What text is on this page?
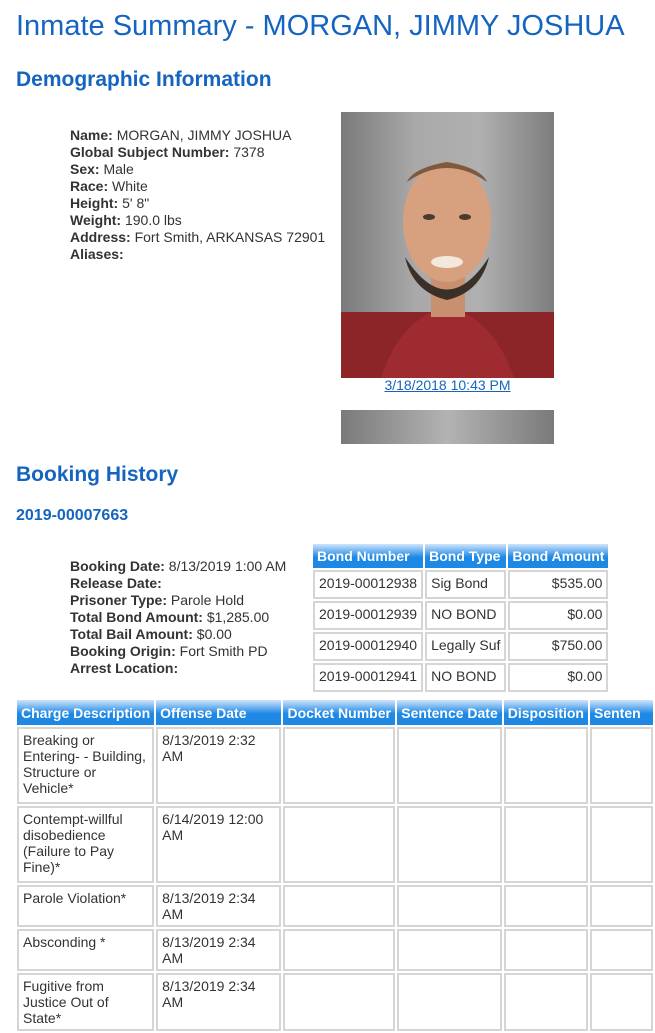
Inmate Summary - MORGAN, JIMMY JOSHUA
Demographic Information
Name: MORGAN, JIMMY JOSHUA
Global Subject Number: 7378
Sex: Male
Race: White
Height: 5' 8"
Weight: 190.0 lbs
Address: Fort Smith, ARKANSAS 72901
Aliases:
3/18/2018 10:43 PM
Booking History
2019-00007663
Booking Date: 8/13/2019 1:00 AM
Release Date:
Prisoner Type: Parole Hold
Total Bond Amount: $1,285.00
Total Bail Amount: $0.00
Booking Origin: Fort Smith PD
Arrest Location:
Bond Number	Bond Type	Bond Amount
2019-00012938	Sig Bond	$535.00
2019-00012939	NO BOND	$0.00
2019-00012940	Legally Suf	$750.00
2019-00012941	NO BOND	$0.00
Charge Description	Offense Date	Docket Number	Sentence Date	Disposition	Senten
Breaking or Entering- - Building, Structure or Vehicle*	8/13/2019 2:32 AM				
Contempt-willful disobedience (Failure to Pay Fine)*	6/14/2019 12:00 AM				
Parole Violation*	8/13/2019 2:34 AM				
Absconding *	8/13/2019 2:34 AM				
Fugitive from Justice Out of State*	8/13/2019 2:34 AM				
